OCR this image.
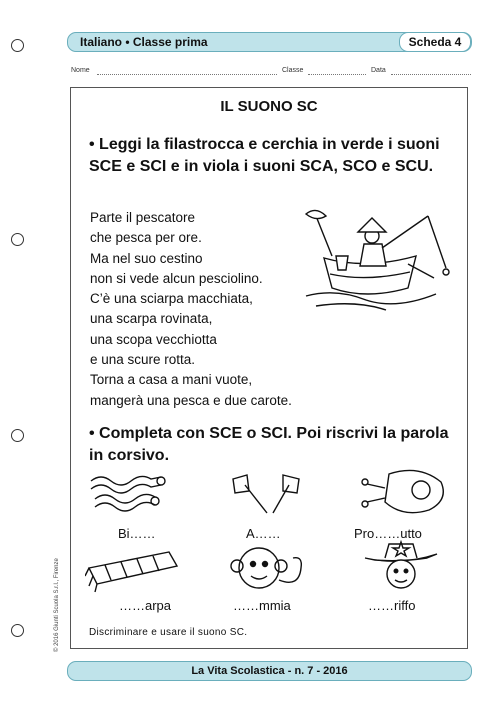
Italiano • Classe prima	Scheda 4
Nome	Classe	Data
IL SUONO SC
• Leggi la filastrocca e cerchia in verde i suoni SCE e SCI e in viola i suoni SCA, SCO e SCU.
Parte il pescatore
che pesca per ore.
Ma nel suo cestino
non si vede alcun pesciolino.
C’è una sciarpa macchiata,
una scarpa rovinata,
una scopa vecchiotta
e una scure rotta.
Torna a casa a mani vuote,
mangerà una pesca e due carote.
• Completa con SCE o SCI. Poi riscrivi la parola in corsivo.
Bi……	A……	Pro……utto
……arpa	……mmia	……riffo
Discriminare e usare il suono SC.
© 2016 Giunti Scuola S.r.l., Firenze
La Vita Scolastica - n. 7 - 2016
